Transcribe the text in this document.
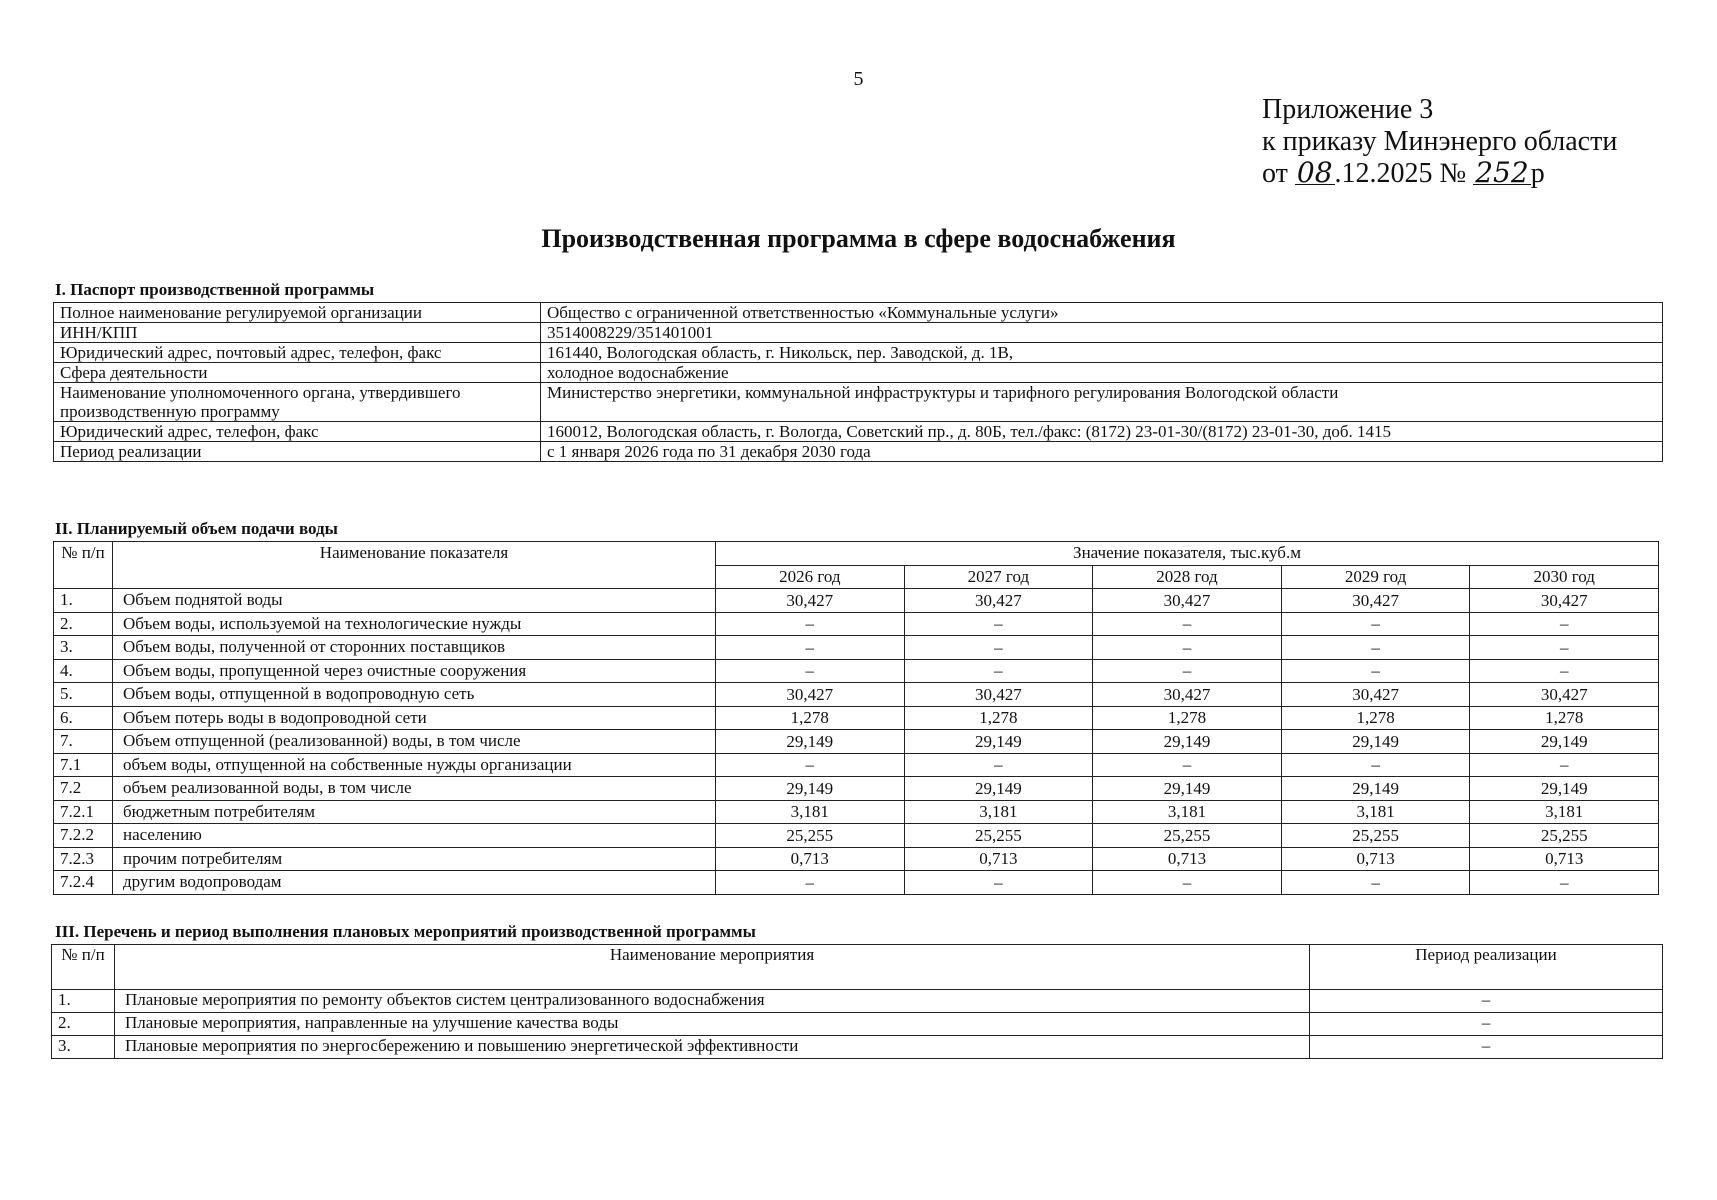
5
Приложение 3
к приказу Минэнерго области
от 08.12.2025 № 252р
Производственная программа в сфере водоснабжения
I. Паспорт производственной программы
Полное наименование регулируемой организации	Общество с ограниченной ответственностью «Коммунальные услуги»
ИНН/КПП	3514008229/351401001
Юридический адрес, почтовый адрес, телефон, факс	161440, Вологодская область, г. Никольск, пер. Заводской, д. 1В,
Сфера деятельности	холодное водоснабжение
Наименование уполномоченного органа, утвердившего производственную программу	Министерство энергетики, коммунальной инфраструктуры и тарифного регулирования Вологодской области
Юридический адрес, телефон, факс	160012, Вологодская область, г. Вологда, Советский пр., д. 80Б, тел./факс: (8172) 23-01-30/(8172) 23-01-30, доб. 1415
Период реализации	с 1 января 2026 года по 31 декабря 2030 года
II. Планируемый объем подачи воды
№ п/п	Наименование показателя	Значение показателя, тыс.куб.м				
		2026 год	2027 год	2028 год	2029 год	2030 год
1.	Объем поднятой воды	30,427	30,427	30,427	30,427	30,427
2.	Объем воды, используемой на технологические нужды	–	–	–	–	–
3.	Объем воды, полученной от сторонних поставщиков	–	–	–	–	–
4.	Объем воды, пропущенной через очистные сооружения	–	–	–	–	–
5.	Объем воды, отпущенной в водопроводную сеть	30,427	30,427	30,427	30,427	30,427
6.	Объем потерь воды в водопроводной сети	1,278	1,278	1,278	1,278	1,278
7.	Объем отпущенной (реализованной) воды, в том числе	29,149	29,149	29,149	29,149	29,149
7.1	объем воды, отпущенной на собственные нужды организации	–	–	–	–	–
7.2	объем реализованной воды, в том числе	29,149	29,149	29,149	29,149	29,149
7.2.1	бюджетным потребителям	3,181	3,181	3,181	3,181	3,181
7.2.2	населению	25,255	25,255	25,255	25,255	25,255
7.2.3	прочим потребителям	0,713	0,713	0,713	0,713	0,713
7.2.4	другим водопроводам	–	–	–	–	–
III. Перечень и период выполнения плановых мероприятий производственной программы
№ п/п	Наименование мероприятия	Период реализации
1.	Плановые мероприятия по ремонту объектов систем централизованного водоснабжения	–
2.	Плановые мероприятия, направленные на улучшение качества воды	–
3.	Плановые мероприятия по энергосбережению и повышению энергетической эффективности	–
